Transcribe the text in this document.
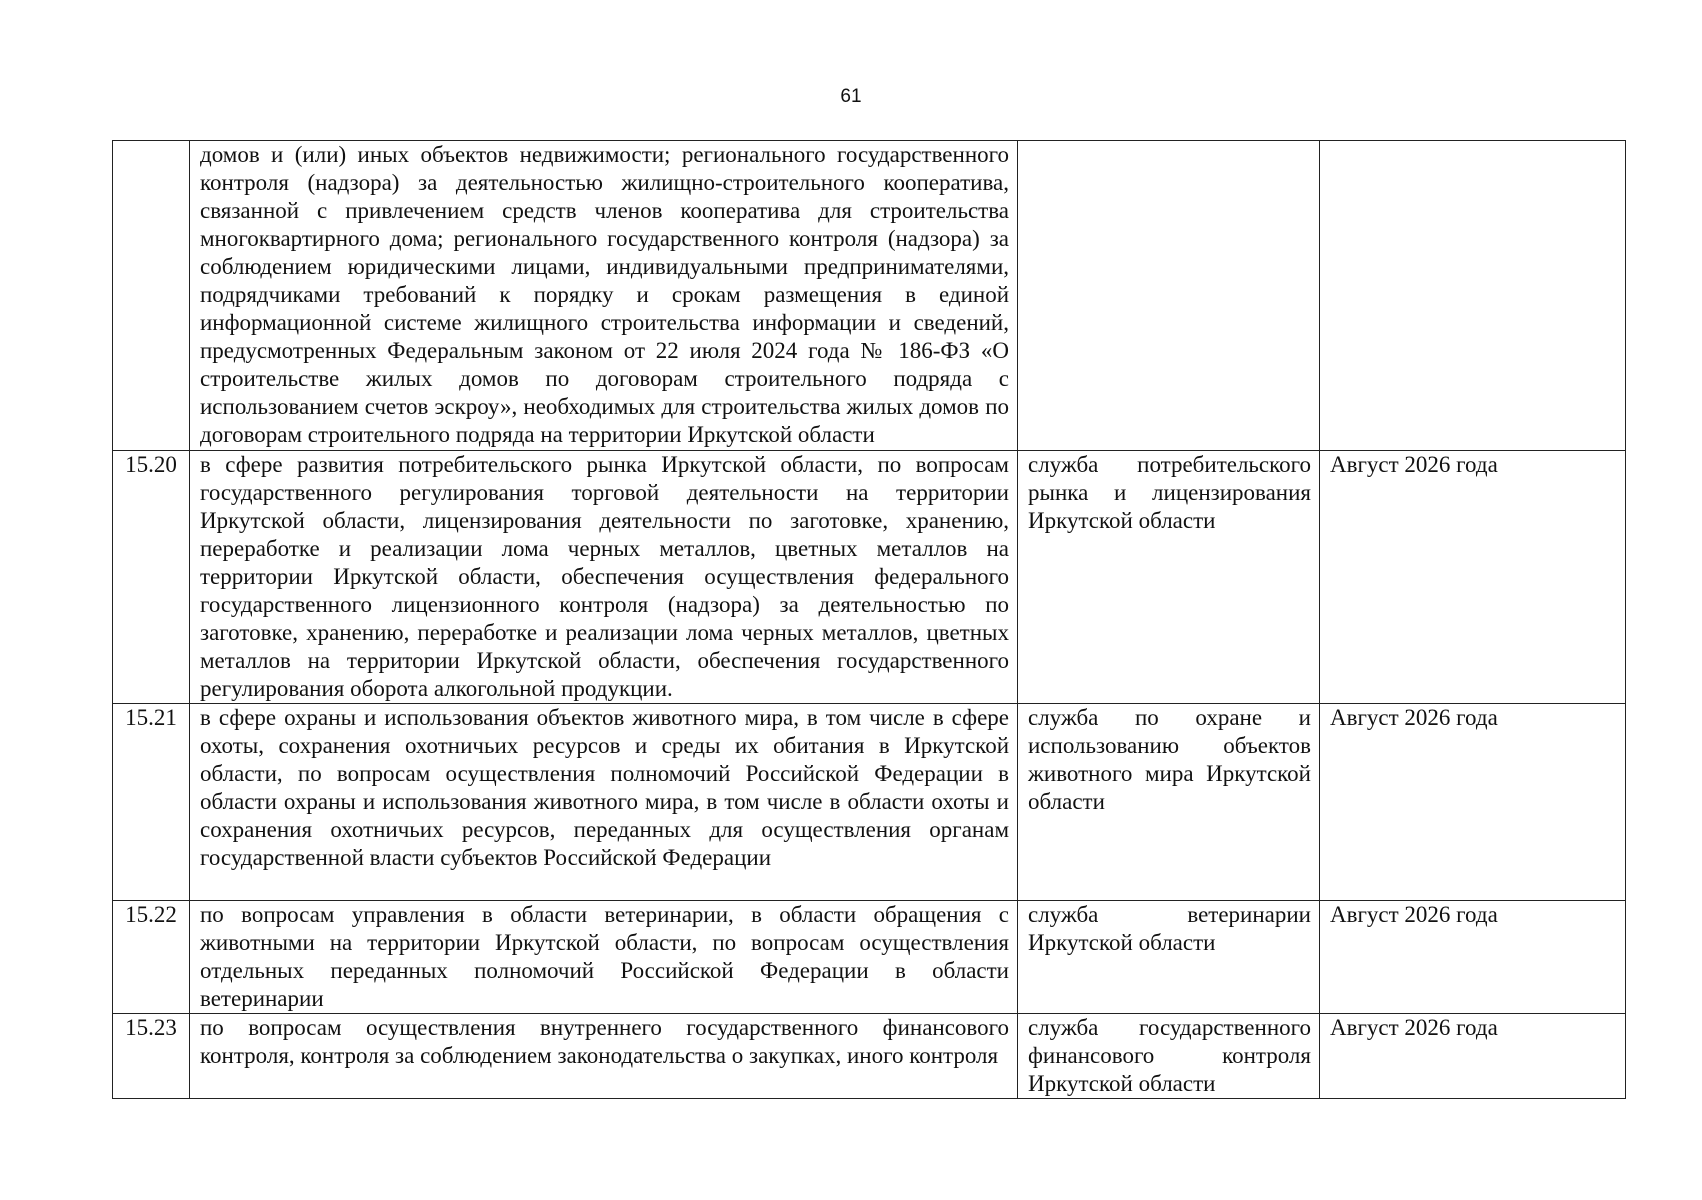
61
	домов и (или) иных объектов недвижимости; регионального государственного контроля (надзора) за деятельностью жилищно-строительного кооператива, связанной с привлечением средств членов кооператива для строительства многоквартирного дома; регионального государственного контроля (надзора) за соблюдением юридическими лицами, индивидуальными предпринимателями, подрядчиками требований к порядку и срокам размещения в единой информационной системе жилищного строительства информации и сведений, предусмотренных Федеральным законом от 22 июля 2024 года № 186-ФЗ «О строительстве жилых домов по договорам строительного подряда с использованием счетов эскроу», необходимых для строительства жилых домов по договорам строительного подряда на территории Иркутской области		
15.20	в сфере развития потребительского рынка Иркутской области, по вопросам государственного регулирования торговой деятельности на территории Иркутской области, лицензирования деятельности по заготовке, хранению, переработке и реализации лома черных металлов, цветных металлов на территории Иркутской области, обеспечения осуществления федерального государственного лицензионного контроля (надзора) за деятельностью по заготовке, хранению, переработке и реализации лома черных металлов, цветных металлов на территории Иркутской области, обеспечения государственного регулирования оборота алкогольной продукции.	служба потребительского рынка и лицензирования Иркутской области	Август 2026 года
15.21	в сфере охраны и использования объектов животного мира, в том числе в сфере охоты, сохранения охотничьих ресурсов и среды их обитания в Иркутской области, по вопросам осуществления полномочий Российской Федерации в области охраны и использования животного мира, в том числе в области охоты и сохранения охотничьих ресурсов, переданных для осуществления органам государственной власти субъектов Российской Федерации	служба по охране и использованию объектов животного мира Иркутской области	Август 2026 года
15.22	по вопросам управления в области ветеринарии, в области обращения с животными на территории Иркутской области, по вопросам осуществления отдельных переданных полномочий Российской Федерации в области ветеринарии	служба ветеринарии Иркутской области	Август 2026 года
15.23	по вопросам осуществления внутреннего государственного финансового контроля, контроля за соблюдением законодательства о закупках, иного контроля	служба государственного финансового контроля Иркутской области	Август 2026 года
